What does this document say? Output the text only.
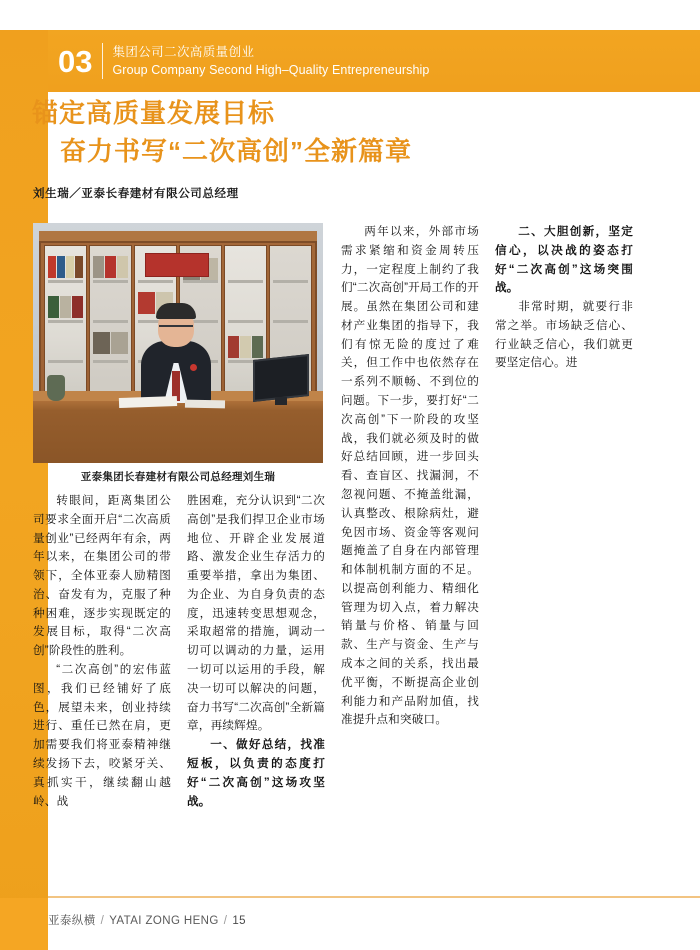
03	集团公司二次高质量创业
Group Company Second High–Quality Entrepreneurship
锚定高质量发展目标
奋力书写“二次高创”全新篇章
刘生瑞／亚泰长春建材有限公司总经理
亚泰集团长春建材有限公司总经理刘生瑞

转眼间，距离集团公司要求全面开启“二次高质量创业”已经两年有余，两年以来，在集团公司的带领下，全体亚泰人励精图治、奋发有为，克服了种种困难，逐步实现既定的发展目标，取得“二次高创”阶段性的胜利。

“二次高创”的宏伟蓝图，我们已经铺好了底色，展望未来，创业持续进行、重任已然在肩，更加需要我们将亚泰精神继续发扬下去，咬紧牙关、真抓实干，继续翻山越岭、战

胜困难，充分认识到“二次高创”是我们捍卫企业市场地位、开辟企业发展道路、激发企业生存活力的重要举措，拿出为集团、为企业、为自身负责的态度，迅速转变思想观念，采取超常的措施，调动一切可以调动的力量，运用一切可以运用的手段，解决一切可以解决的问题，奋力书写“二次高创”全新篇章，再续辉煌。

一、做好总结，找准短板，以负责的态度打好“二次高创”这场攻坚战。

两年以来，外部市场需求紧缩和资金周转压力，一定程度上制约了我们“二次高创”开局工作的开展。虽然在集团公司和建材产业集团的指导下，我们有惊无险的度过了难关，但工作中也依然存在一系列不顺畅、不到位的问题。下一步，要打好“二次高创”下一阶段的攻坚战，我们就必须及时的做好总结回顾，进一步回头看、查盲区、找漏洞，不忽视问题、不掩盖纰漏，认真整改、根除病灶，避免因市场、资金等客观问题掩盖了自身在内部管理和体制机制方面的不足。以提高创利能力、精细化管理为切入点，着力解决销量与价格、销量与回款、生产与资金、生产与成本之间的关系，找出最优平衡，不断提高企业创利能力和产品附加值，找准提升点和突破口。

二、大胆创新，坚定信心，以决战的姿态打好“二次高创”这场突围战。

非常时期，就要行非常之举。市场缺乏信心、行业缺乏信心，我们就更要坚定信心。进

亚泰纵横 / YATAI ZONG HENG / 15
